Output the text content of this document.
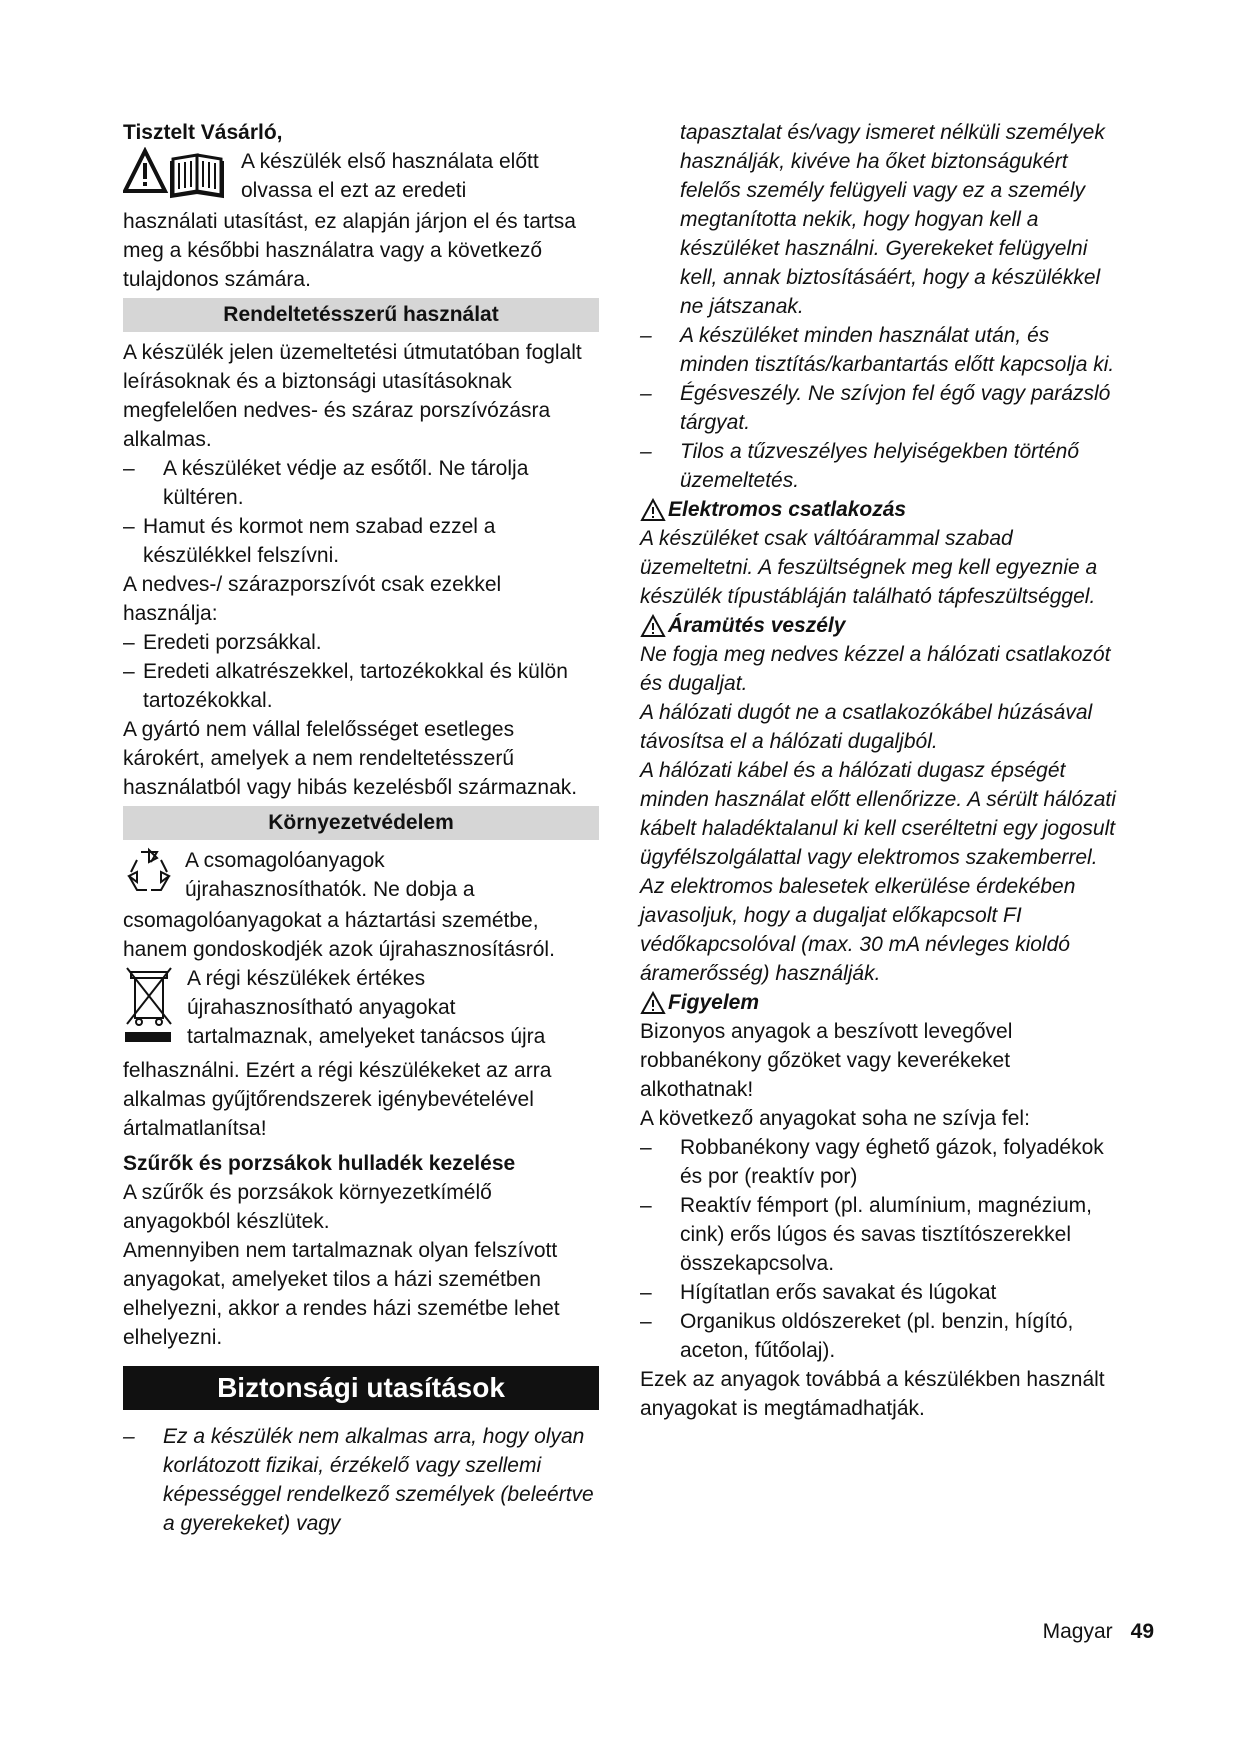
Tisztelt Vásárló,

A készülék első használata előtt

olvassa el ezt az eredeti

használati utasítást, ez alapján járjon el és tartsa meg a későbbi használatra vagy a következő tulajdonos számára.

Rendeltetésszerű használat

A készülék jelen üzemeltetési útmutatóban foglalt leírásoknak és a biztonsági utasításoknak megfelelően nedves- és száraz porszívózásra alkalmas.

– A készüléket védje az esőtől. Ne tárolja kültéren.
– Hamut és kormot nem szabad ezzel a készülékkel felszívni.

A nedves-/ szárazporszívót csak ezekkel használja:

– Eredeti porzsákkal.
– Eredeti alkatrészekkel, tartozékokkal és külön tartozékokkal.

A gyártó nem vállal felelősséget esetleges károkért, amelyek a nem rendeltetésszerű használatból vagy hibás kezelésből származnak.

Környezetvédelem

A csomagolóanyagok

újrahasznosíthatók. Ne dobja a

csomagolóanyagokat a háztartási szemétbe, hanem gondoskodjék azok újrahasznosításról.

A régi készülékek értékes

újrahasznosítható anyagokat

tartalmaznak, amelyeket tanácsos újra

felhasználni. Ezért a régi készülékeket az arra alkalmas gyűjtőrendszerek igénybevételével ártalmatlanítsa!

Szűrők és porzsákok hulladék kezelése

A szűrők és porzsákok környezetkímélő anyagokból készlütek.

Amennyiben nem tartalmaznak olyan felszívott anyagokat, amelyeket tilos a házi szemétben elhelyezni, akkor a rendes házi szemétbe lehet elhelyezni.

Biztonsági utasítások
– Ez a készülék nem alkalmas arra, hogy olyan korlátozott fizikai, érzékelő vagy szellemi képességgel rendelkező személyek (beleértve a gyerekeket) vagy

tapasztalat és/vagy ismeret nélküli személyek használják, kivéve ha őket biztonságukért felelős személy felügyeli vagy ez a személy megtanította nekik, hogy hogyan kell a készüléket használni. Gyerekeket felügyelni kell, annak biztosításáért, hogy a készülékkel ne játszanak.

– A készüléket minden használat után, és minden tisztítás/karbantartás előtt kapcsolja ki.
– Égésveszély. Ne szívjon fel égő vagy parázsló tárgyat.
– Tilos a tűzveszélyes helyiségekben történő üzemeltetés.
Elektromos csatlakozás

A készüléket csak váltóárammal szabad üzemeltetni. A feszültségnek meg kell egyeznie a készülék típustábláján található tápfeszültséggel.

Áramütés veszély

Ne fogja meg nedves kézzel a hálózati csatlakozót és dugaljat.

A hálózati dugót ne a csatlakozókábel húzásával távosítsa el a hálózati dugaljból.

A hálózati kábel és a hálózati dugasz épségét minden használat előtt ellenőrizze. A sérült hálózati kábelt haladéktalanul ki kell cseréltetni egy jogosult ügyfélszolgálattal vagy elektromos szakemberrel.

Az elektromos balesetek elkerülése érdekében javasoljuk, hogy a dugaljat előkapcsolt FI védőkapcsolóval (max. 30 mA névleges kioldó áramerősség) használják.

Figyelem

Bizonyos anyagok a beszívott levegővel robbanékony gőzöket vagy keverékeket alkothatnak!

A következő anyagokat soha ne szívja fel:

– Robbanékony vagy éghető gázok, folyadékok és por (reaktív por)
– Reaktív fémport (pl. alumínium, magnézium, cink) erős lúgos és savas tisztítószerekkel összekapcsolva.
– Hígítatlan erős savakat és lúgokat
– Organikus oldószereket (pl. benzin, hígító, aceton, fűtőolaj).

Ezek az anyagok továbbá a készülékben használt anyagokat is megtámadhatják.

Magyar 49
